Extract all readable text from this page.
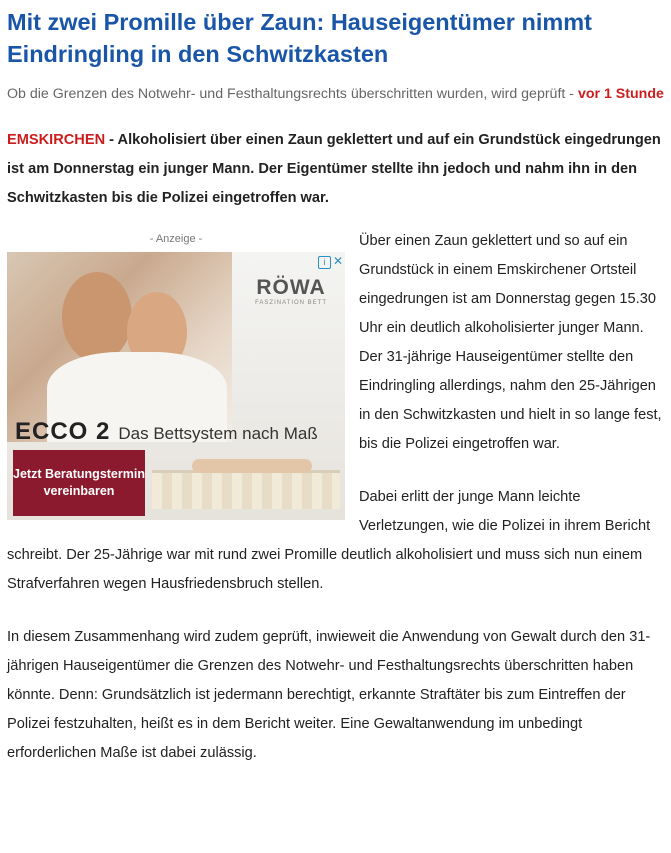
Mit zwei Promille über Zaun: Hauseigentümer nimmt Eindringling in den Schwitzkasten
Ob die Grenzen des Notwehr- und Festhaltungsrechts überschritten wurden, wird geprüft - vor 1 Stunde

EMSKIRCHEN - Alkoholisiert über einen Zaun geklettert und auf ein Grundstück eingedrungen ist am Donnerstag ein junger Mann. Der Eigentümer stellte ihn jedoch und nahm ihn in den Schwitzkasten bis die Polizei eingetroffen war.

- Anzeige -
i ✕
RÖWA
FASZINATION BETT
ECCO 2 Das Bettsystem nach Maß
Jetzt Beratungstermin vereinbaren

Über einen Zaun geklettert und so auf ein Grundstück in einem Emskirchener Ortsteil eingedrungen ist am Donnerstag gegen 15.30 Uhr ein deutlich alkoholisierter junger Mann. Der 31-jährige Hauseigentümer stellte den Eindringling allerdings, nahm den 25-Jährigen in den Schwitzkasten und hielt in so lange fest, bis die Polizei eingetroffen war.

Dabei erlitt der junge Mann leichte Verletzungen, wie die Polizei in ihrem Bericht schreibt. Der 25-Jährige war mit rund zwei Promille deutlich alkoholisiert und muss sich nun einem Strafverfahren wegen Hausfriedensbruch stellen.

In diesem Zusammenhang wird zudem geprüft, inwieweit die Anwendung von Gewalt durch den 31-jährigen Hauseigentümer die Grenzen des Notwehr- und Festhaltungsrechts überschritten haben könnte. Denn: Grundsätzlich ist jedermann berechtigt, erkannte Straftäter bis zum Eintreffen der Polizei festzuhalten, heißt es in dem Bericht weiter. Eine Gewaltanwendung im unbedingt erforderlichen Maße ist dabei zulässig.
